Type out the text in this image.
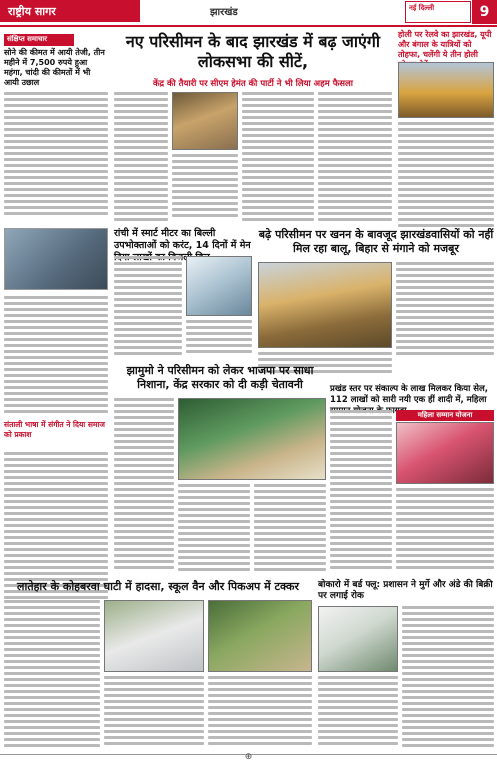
राष्ट्रीय सागर	झारखंड	नई दिल्ली	9
संक्षिप्त समाचार
सोने की कीमत में आयी तेजी, तीन महीने में 7,500 रुपये हुआ महंगा, चांदी की कीमतों में भी आयी उछाल
संताली भाषा में संगीत ने दिया समाज को प्रकाश
नए परिसीमन के बाद झारखंड में बढ़ जाएंगी लोकसभा की सीटें,
केंद्र की तैयारी पर सीएम हेमंत की पार्टी ने भी लिया अहम फैसला
होली पर रेलवे का झारखंड, यूपी और बंगाल के यात्रियों को तोहफा, चलेंगी ये तीन होली
रांची में स्मार्ट मीटर का बिल्ली उपभोक्ताओं को करंट, 14 दिनों में मेन
बढ़े परिसीमन पर खनन के बावजूद झारखंडवासियों को नहीं मिल रहा बालू, बिहार से मंगाने को मजबूर
झामुमो ने परिसीमन को लेकर भाजपा पर साधा निशाना, केंद्र सरकार को दी कड़ी चेतावनी	प्रखंड स्तर पर संकाल्प के लाख मिलकर किया सेल, 112 लाखों को सारी नयी एक हीं शादी में, महिला
महिला सम्मान योजना
लातेहार के कोहबरवा घाटी में हादसा, स्कूल वैन और पिकअप में टक्कर	बोकारो में बर्ड फ्लू: प्रशासन ने मुर्गे और अंडे की बिक्री पर लगाई रोक
⊕
